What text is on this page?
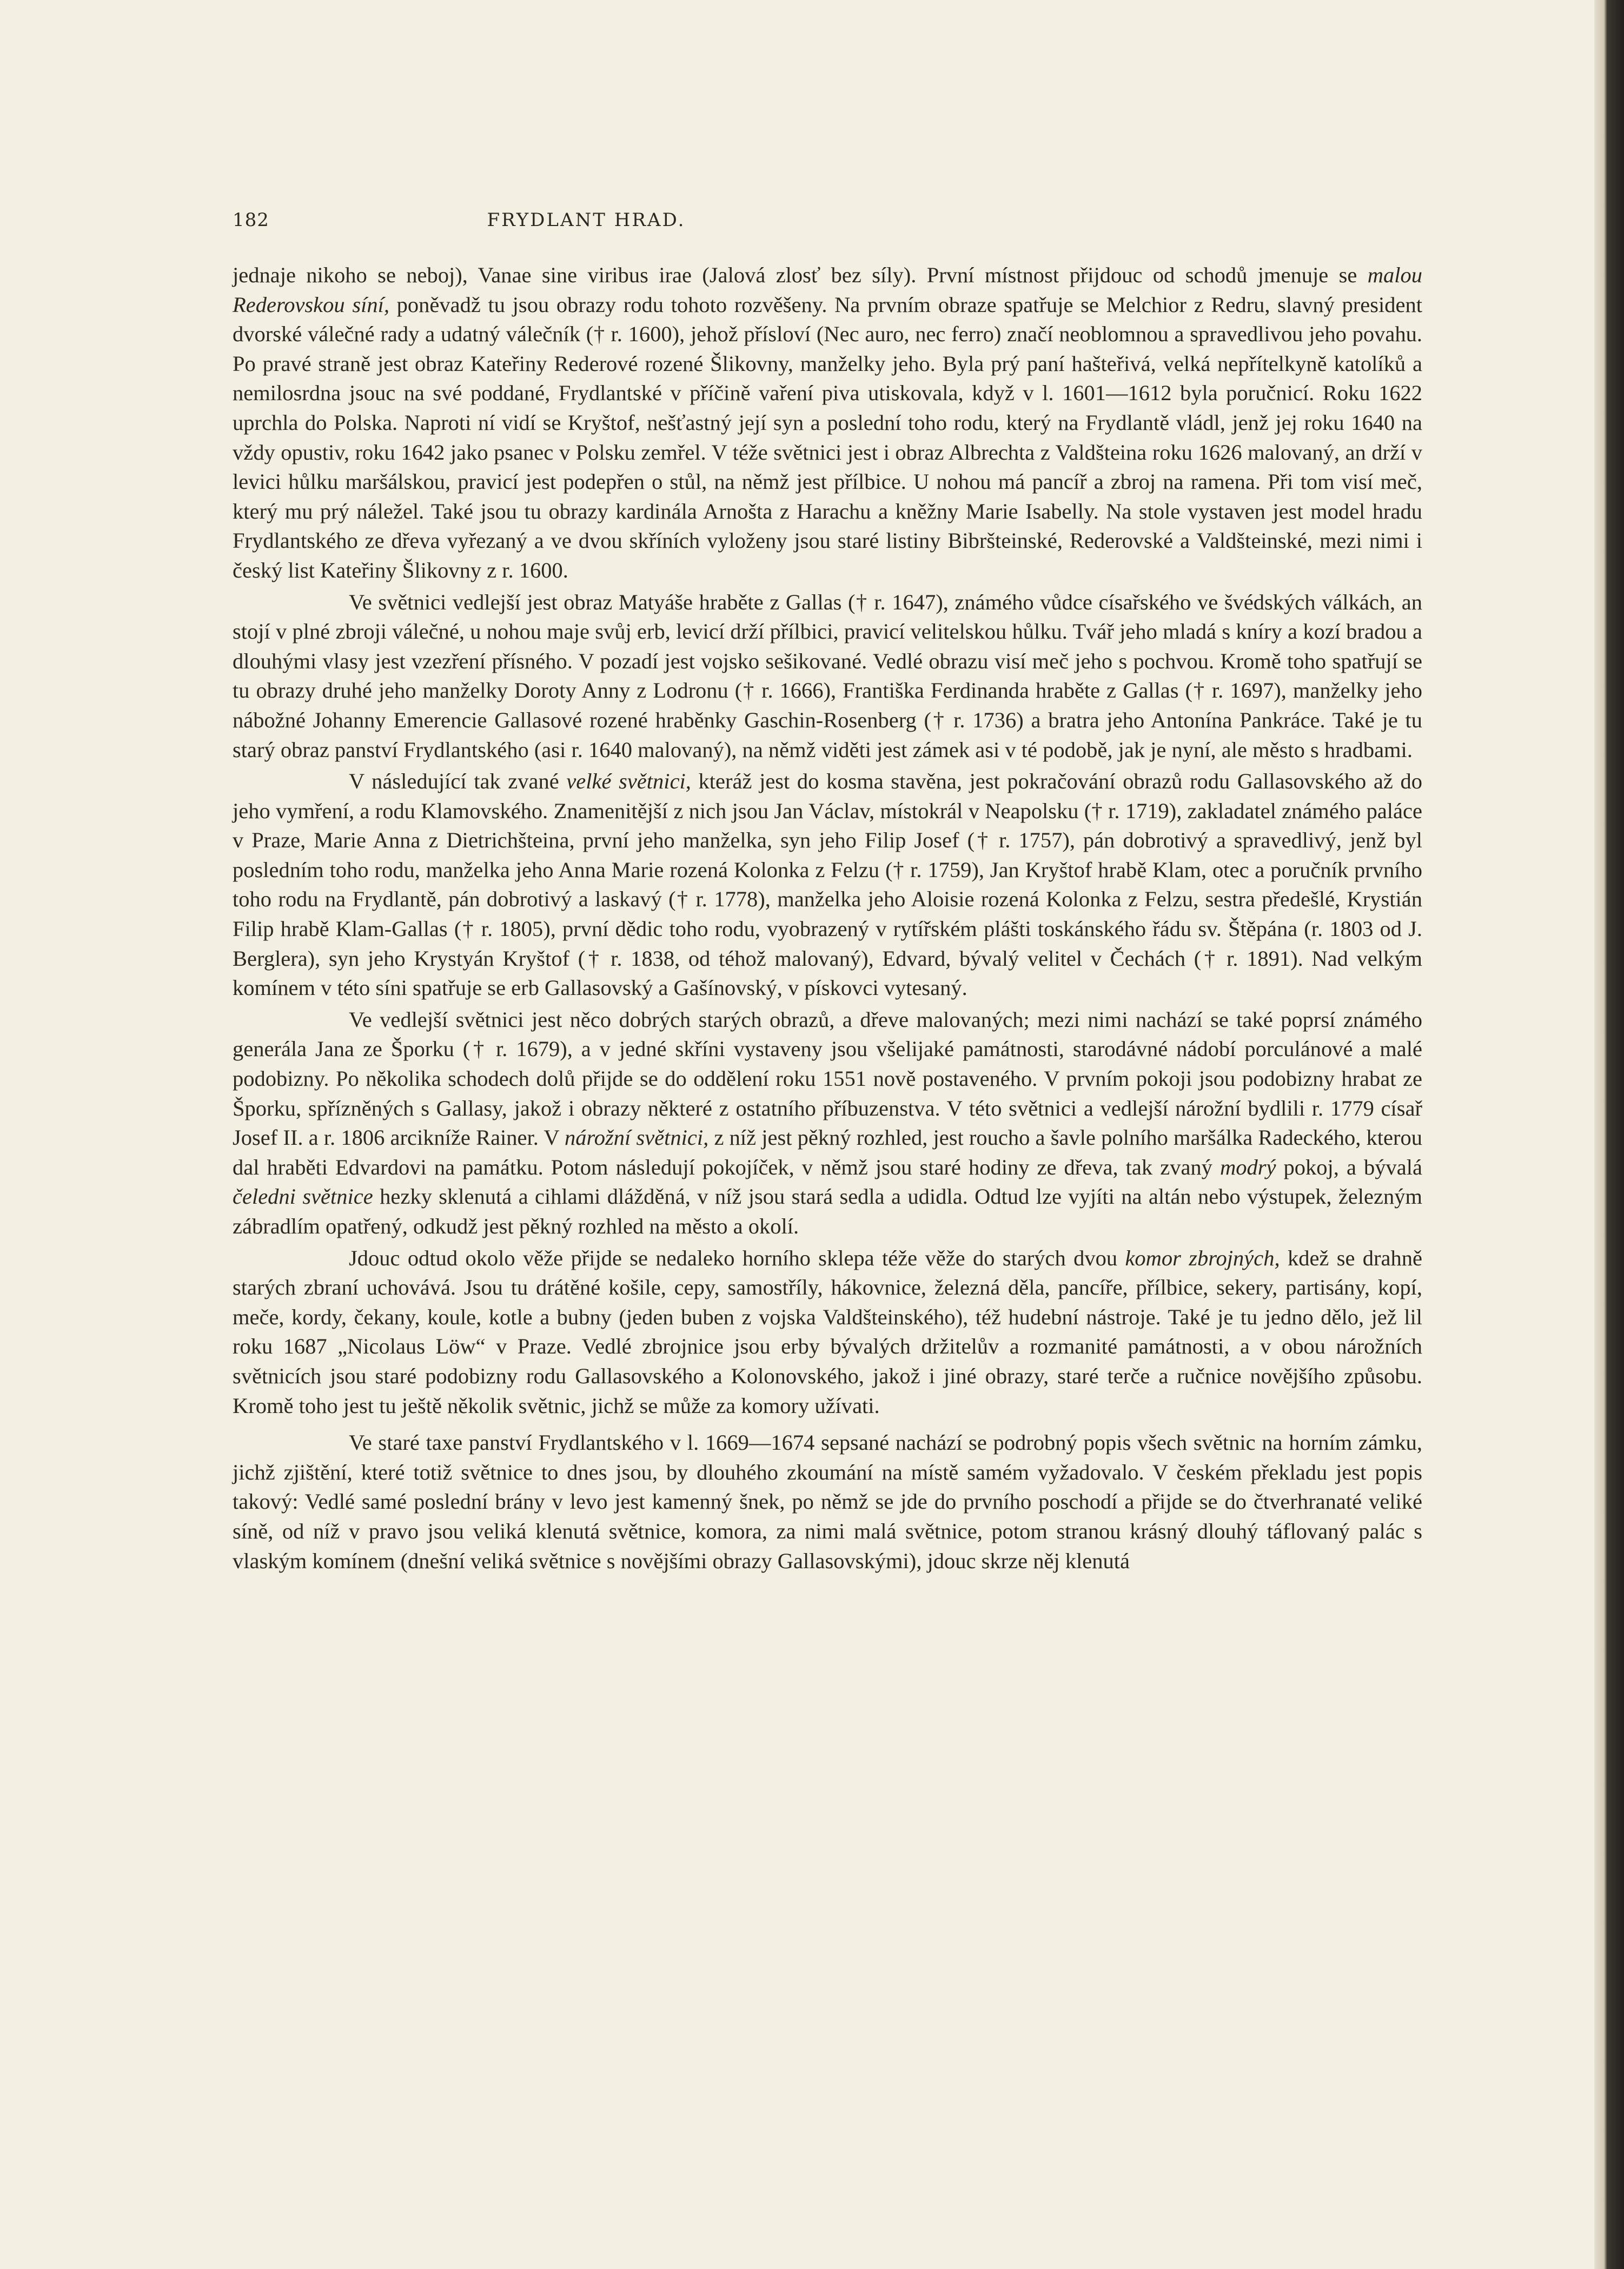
182	FRYDLANT HRAD.

jednaje nikoho se neboj), Vanae sine viribus irae (Jalová zlosť bez síly). První místnost přijdouc od schodů jmenuje se malou Rederovskou síní, poněvadž tu jsou obrazy rodu tohoto rozvěšeny. Na prvním obraze spatřuje se Melchior z Redru, slavný president dvorské válečné rady a udatný válečník († r. 1600), jehož přísloví (Nec auro, nec ferro) značí neoblomnou a spravedlivou jeho povahu. Po pravé straně jest obraz Kateřiny Rederové rozené Šlikovny, manželky jeho. Byla prý paní hašteřivá, velká nepřítelkyně katolíků a nemilosrdna jsouc na své poddané, Frydlantské v příčině vaření piva utiskovala, když v l. 1601—1612 byla poručnicí. Roku 1622 uprchla do Polska. Naproti ní vidí se Kryštof, nešťastný její syn a poslední toho rodu, který na Frydlantě vládl, jenž jej roku 1640 na vždy opustiv, roku 1642 jako psanec v Polsku zemřel. V téže světnici jest i obraz Albrechta z Valdšteina roku 1626 malovaný, an drží v levici hůlku maršálskou, pravicí jest podepřen o stůl, na němž jest přílbice. U nohou má pancíř a zbroj na ramena. Při tom visí meč, který mu prý náležel. Také jsou tu obrazy kardinála Arnošta z Harachu a kněžny Marie Isabelly. Na stole vystaven jest model hradu Frydlantského ze dřeva vyřezaný a ve dvou skříních vyloženy jsou staré listiny Bibršteinské, Rederovské a Valdšteinské, mezi nimi i český list Kateřiny Šlikovny z r. 1600.

Ve světnici vedlejší jest obraz Matyáše hraběte z Gallas († r. 1647), známého vůdce císařského ve švédských válkách, an stojí v plné zbroji válečné, u nohou maje svůj erb, levicí drží přílbici, pravicí velitelskou hůlku. Tvář jeho mladá s kníry a kozí bradou a dlouhými vlasy jest vzezření přísného. V pozadí jest vojsko sešikované. Vedlé obrazu visí meč jeho s pochvou. Kromě toho spatřují se tu obrazy druhé jeho manželky Doroty Anny z Lodronu († r. 1666), Františka Ferdinanda hraběte z Gallas († r. 1697), manželky jeho nábožné Johanny Emerencie Gallasové rozené hraběnky Gaschin-Rosenberg († r. 1736) a bratra jeho Antonína Pankráce. Také je tu starý obraz panství Frydlantského (asi r. 1640 malovaný), na němž viděti jest zámek asi v té podobě, jak je nyní, ale město s hradbami.

V následující tak zvané velké světnici, kteráž jest do kosma stavěna, jest pokračování obrazů rodu Gallasovského až do jeho vymření, a rodu Klamovského. Znamenitější z nich jsou Jan Václav, místokrál v Neapolsku († r. 1719), zakladatel známého paláce v Praze, Marie Anna z Dietrichšteina, první jeho manželka, syn jeho Filip Josef († r. 1757), pán dobrotivý a spravedlivý, jenž byl posledním toho rodu, manželka jeho Anna Marie rozená Kolonka z Felzu († r. 1759), Jan Kryštof hrabě Klam, otec a poručník prvního toho rodu na Frydlantě, pán dobrotivý a laskavý († r. 1778), manželka jeho Aloisie rozená Kolonka z Felzu, sestra předešlé, Krystián Filip hrabě Klam-Gallas († r. 1805), první dědic toho rodu, vyobrazený v rytířském plášti toskánského řádu sv. Štěpána (r. 1803 od J. Berglera), syn jeho Krystyán Kryštof († r. 1838, od téhož malovaný), Edvard, bývalý velitel v Čechách († r. 1891). Nad velkým komínem v této síni spatřuje se erb Gallasovský a Gašínovský, v pískovci vytesaný.

Ve vedlejší světnici jest něco dobrých starých obrazů, a dřeve malovaných; mezi nimi nachází se také poprsí známého generála Jana ze Šporku († r. 1679), a v jedné skříni vystaveny jsou všelijaké památnosti, starodávné nádobí porculánové a malé podobizny. Po několika schodech dolů přijde se do oddělení roku 1551 nově postaveného. V prvním pokoji jsou podobizny hrabat ze Šporku, spřízněných s Gallasy, jakož i obrazy některé z ostatního příbuzenstva. V této světnici a vedlejší nárožní bydlili r. 1779 císař Josef II. a r. 1806 arcikníže Rainer. V nárožní světnici, z níž jest pěkný rozhled, jest roucho a šavle polního maršálka Radeckého, kterou dal hraběti Edvardovi na památku. Potom následují pokojíček, v němž jsou staré hodiny ze dřeva, tak zvaný modrý pokoj, a bývalá čeledni světnice hezky sklenutá a cihlami dlážděná, v níž jsou stará sedla a udidla. Odtud lze vyjíti na altán nebo výstupek, železným zábradlím opatřený, odkudž jest pěkný rozhled na město a okolí.

Jdouc odtud okolo věže přijde se nedaleko horního sklepa téže věže do starých dvou komor zbrojných, kdež se drahně starých zbraní uchovává. Jsou tu drátěné košile, cepy, samostříly, hákovnice, železná děla, pancíře, přílbice, sekery, partisány, kopí, meče, kordy, čekany, koule, kotle a bubny (jeden buben z vojska Valdšteinského), též hudební nástroje. Také je tu jedno dělo, jež lil roku 1687 „Nicolaus Löw“ v Praze. Vedlé zbrojnice jsou erby bývalých držitelův a rozmanité památnosti, a v obou nárožních světnicích jsou staré podobizny rodu Gallasovského a Kolonovského, jakož i jiné obrazy, staré terče a ručnice novějšího způsobu. Kromě toho jest tu ještě několik světnic, jichž se může za komory užívati.

Ve staré taxe panství Frydlantského v l. 1669—1674 sepsané nachází se podrobný popis všech světnic na horním zámku, jichž zjištění, které totiž světnice to dnes jsou, by dlouhého zkoumání na místě samém vyžadovalo. V českém překladu jest popis takový: Vedlé samé poslední brány v levo jest kamenný šnek, po němž se jde do prvního poschodí a přijde se do čtverhranaté veliké síně, od níž v pravo jsou veliká klenutá světnice, komora, za nimi malá světnice, potom stranou krásný dlouhý táflovaný palác s vlaským komínem (dnešní veliká světnice s novějšími obrazy Gallasovskými), jdouc skrze něj klenutá
